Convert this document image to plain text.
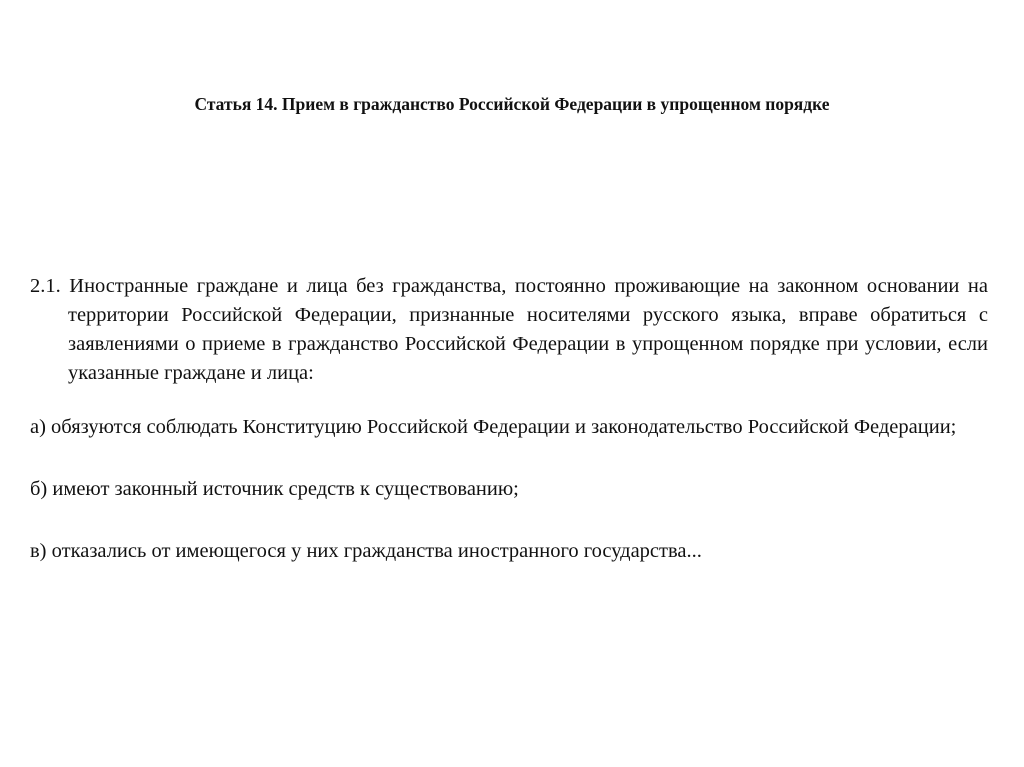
Статья 14. Прием в гражданство Российской Федерации в упрощенном порядке

2.1. Иностранные граждане и лица без гражданства, постоянно проживающие на законном основании на территории Российской Федерации, признанные носителями русского языка, вправе обратиться с заявлениями о приеме в гражданство Российской Федерации в упрощенном порядке при условии, если указанные граждане и лица:

а) обязуются соблюдать Конституцию Российской Федерации и законодательство Российской Федерации;

б) имеют законный источник средств к существованию;

в) отказались от имеющегося у них гражданства иностранного государства...
